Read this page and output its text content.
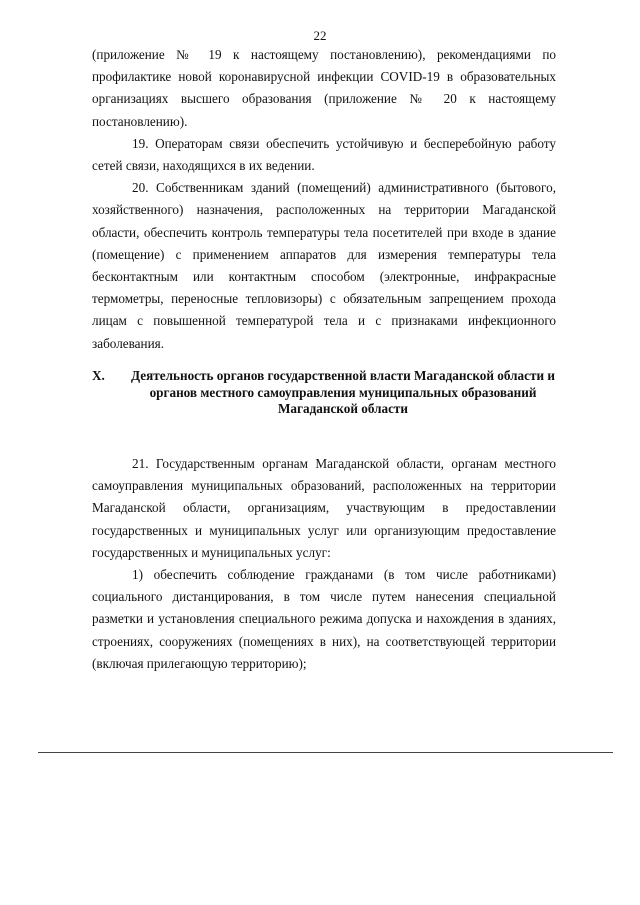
22

(приложение № 19 к настоящему постановлению), рекомендациями по профилактике новой коронавирусной инфекции COVID-19 в образовательных организациях высшего образования (приложение № 20 к настоящему постановлению).

19. Операторам связи обеспечить устойчивую и бесперебойную работу сетей связи, находящихся в их ведении.

20. Собственникам зданий (помещений) административного (бытового, хозяйственного) назначения, расположенных на территории Магаданской области, обеспечить контроль температуры тела посетителей при входе в здание (помещение) с применением аппаратов для измерения температуры тела бесконтактным или контактным способом (электронные, инфракрасные термометры, переносные тепловизоры) с обязательным запрещением прохода лицам с повышенной температурой тела и с признаками инфекционного заболевания.

X.	Деятельность органов государственной власти Магаданской области и органов местного самоуправления муниципальных образований Магаданской области

21. Государственным органам Магаданской области, органам местного самоуправления муниципальных образований, расположенных на территории Магаданской области, организациям, участвующим в предоставлении государственных и муниципальных услуг или организующим предоставление государственных и муниципальных услуг:

1) обеспечить соблюдение гражданами (в том числе работниками) социального дистанцирования, в том числе путем нанесения специальной разметки и установления специального режима допуска и нахождения в зданиях, строениях, сооружениях (помещениях в них), на соответствующей территории (включая прилегающую территорию);
